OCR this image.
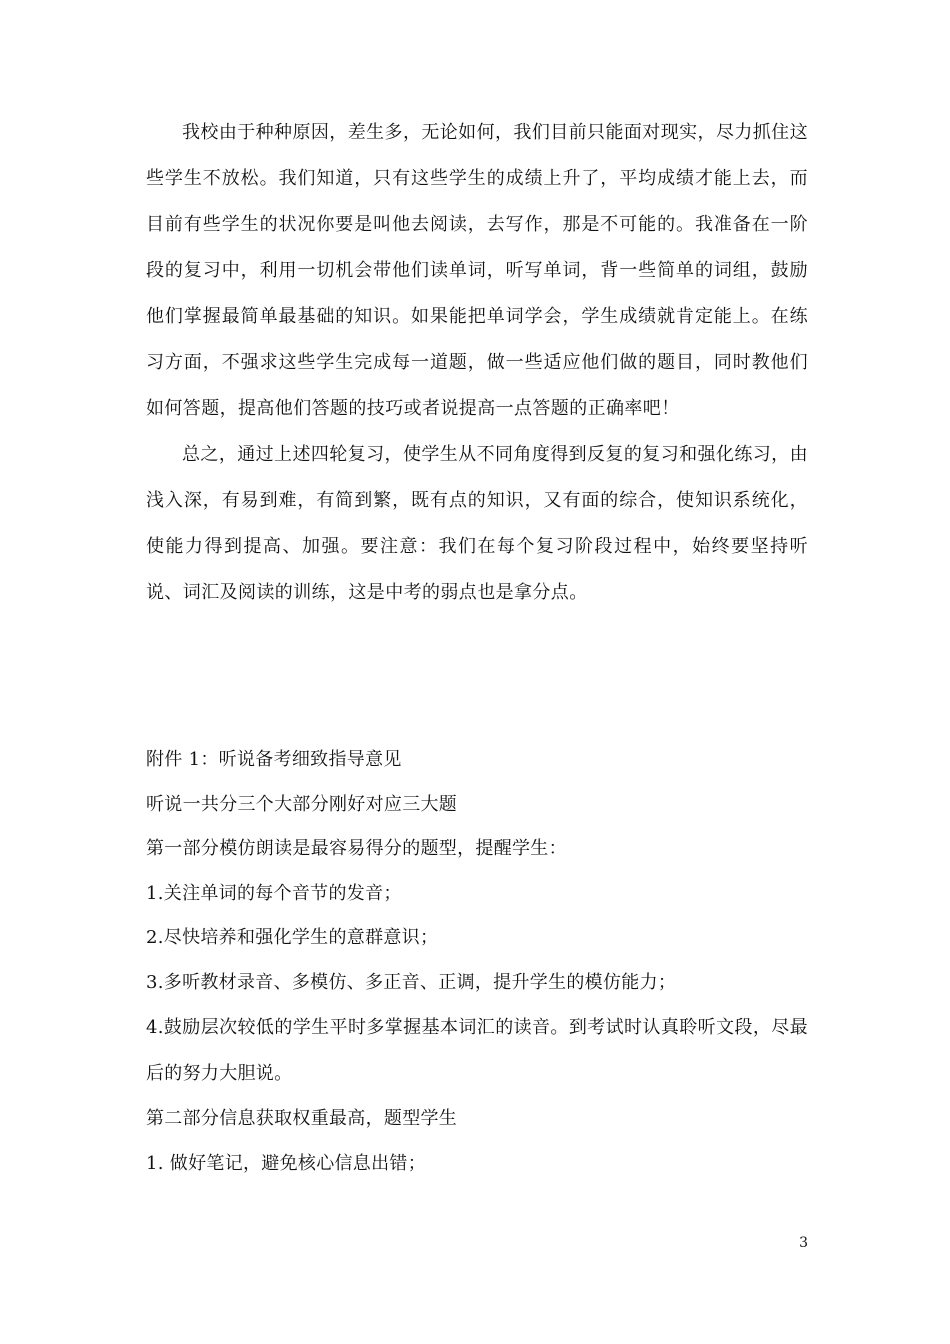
我校由于种种原因，差生多，无论如何，我们目前只能面对现实，尽力抓住这些学生不放松。我们知道，只有这些学生的成绩上升了，平均成绩才能上去，而目前有些学生的状况你要是叫他去阅读，去写作，那是不可能的。我准备在一阶段的复习中，利用一切机会带他们读单词，听写单词，背一些简单的词组，鼓励他们掌握最简单最基础的知识。如果能把单词学会，学生成绩就肯定能上。在练习方面，不强求这些学生完成每一道题，做一些适应他们做的题目，同时教他们如何答题，提高他们答题的技巧或者说提高一点答题的正确率吧！

总之，通过上述四轮复习，使学生从不同角度得到反复的复习和强化练习，由浅入深，有易到难，有简到繁，既有点的知识，又有面的综合，使知识系统化，使能力得到提高、加强。要注意：我们在每个复习阶段过程中，始终要坚持听说、词汇及阅读的训练，这是中考的弱点也是拿分点。

附件 1：听说备考细致指导意见

听说一共分三个大部分刚好对应三大题

第一部分模仿朗读是最容易得分的题型，提醒学生：

1.关注单词的每个音节的发音；

2.尽快培养和强化学生的意群意识；

3.多听教材录音、多模仿、多正音、正调，提升学生的模仿能力；

4.鼓励层次较低的学生平时多掌握基本词汇的读音。到考试时认真聆听文段，尽最后的努力大胆说。

第二部分信息获取权重最高，题型学生

1. 做好笔记，避免核心信息出错；

3
